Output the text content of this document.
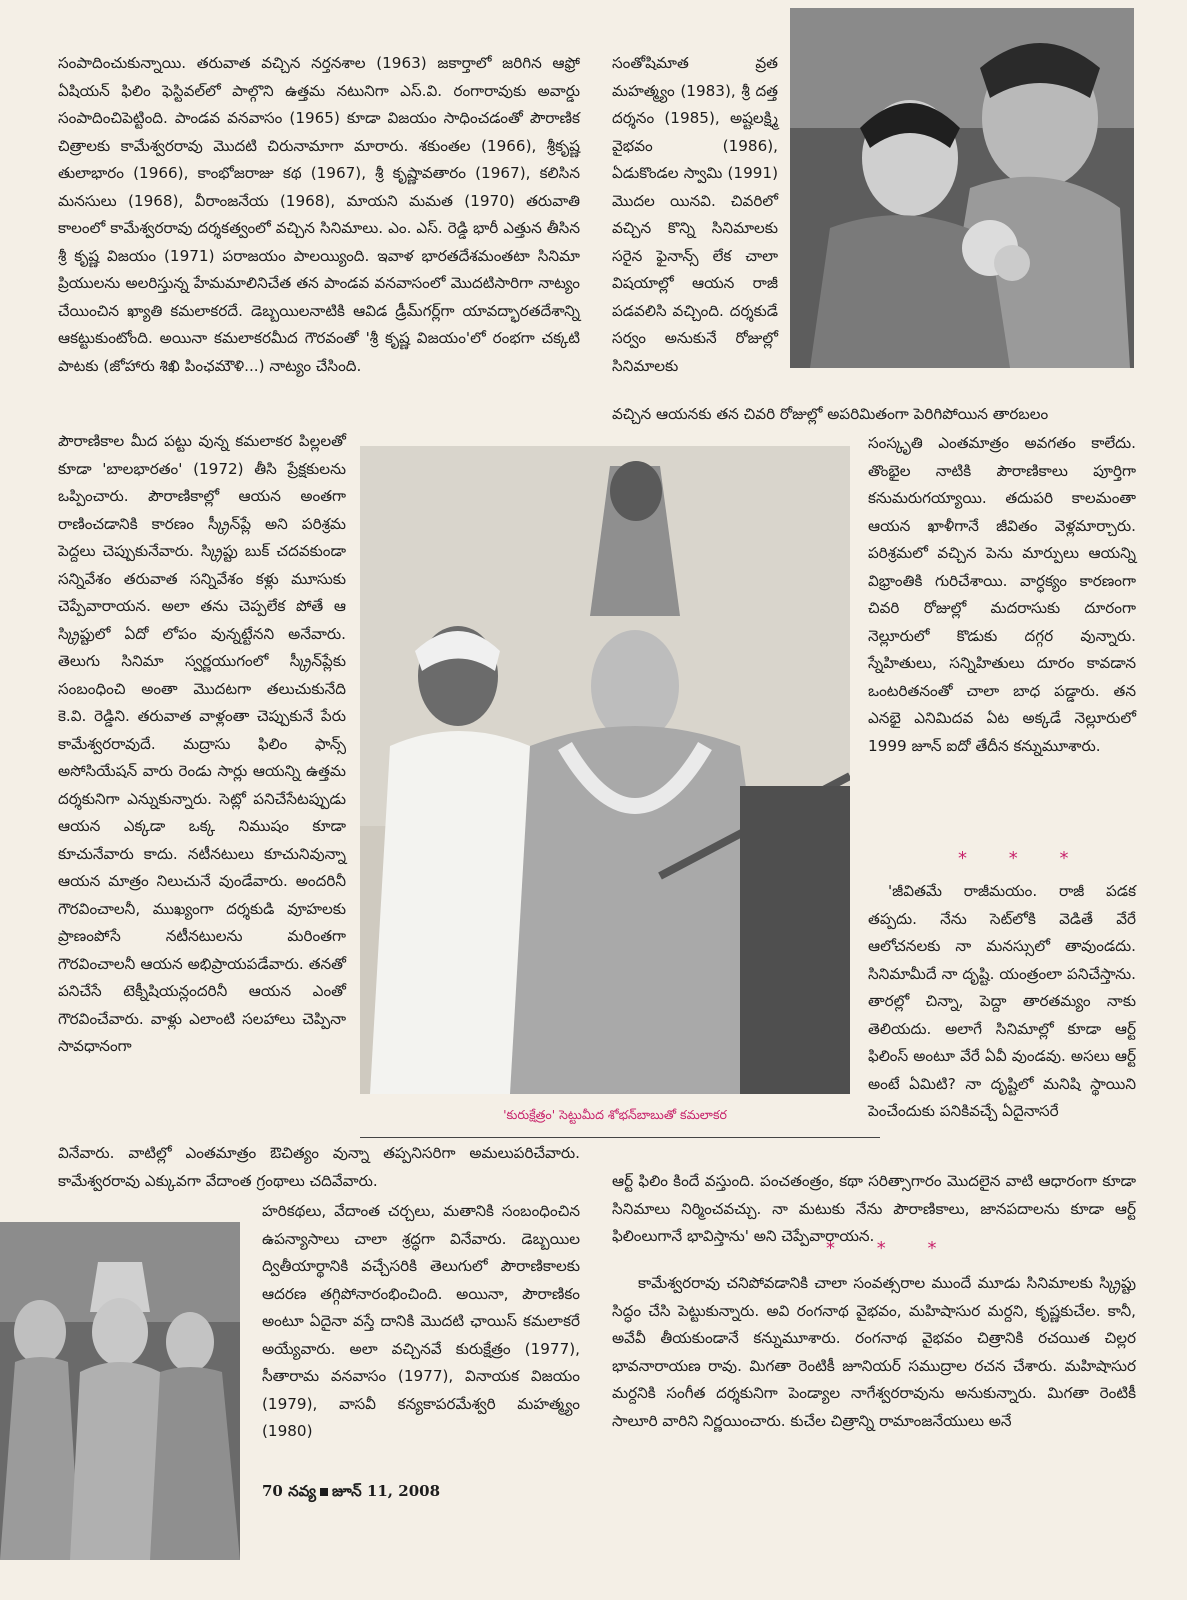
సంపాదించుకున్నాయి. తరువాత వచ్చిన నర్తనశాల (1963) జకార్తాలో జరిగిన ఆఫ్రో ఏషియన్ ఫిలిం ఫెస్టివల్‌లో పాల్గొని ఉత్తమ నటునిగా ఎస్.వి. రంగారావుకు అవార్డు సంపాదించిపెట్టింది. పాండవ వనవాసం (1965) కూడా విజయం సాధించడంతో పౌరాణిక చిత్రాలకు కామేశ్వరరావు మొదటి చిరునామాగా మారారు. శకుంతల (1966), శ్రీకృష్ణ తులాభారం (1966), కాంభోజరాజు కథ (1967), శ్రీ కృష్ణావతారం (1967), కలిసిన మనసులు (1968), వీరాంజనేయ (1968), మాయని మమత (1970) తరువాతి కాలంలో కామేశ్వరరావు దర్శకత్వంలో వచ్చిన సినిమాలు. ఎం. ఎస్. రెడ్డి భారీ ఎత్తున తీసిన శ్రీ కృష్ణ విజయం (1971) పరాజయం పాలయ్యింది. ఇవాళ భారతదేశమంతటా సినిమా ప్రియులను అలరిస్తున్న హేమమాలినిచేత తన పాండవ వనవాసంలో మొదటిసారిగా నాట్యం చేయించిన ఖ్యాతి కమలాకరదే. డెబ్బయిలనాటికి ఆవిడ డ్రీమ్‌గర్ల్‌గా యావద్భారతదేశాన్ని ఆకట్టుకుంటోంది. అయినా కమలాకరమీద గౌరవంతో 'శ్రీ కృష్ణ విజయం'లో రంభగా చక్కటి పాటకు (జోహారు శిఖి పింఛమౌళి...) నాట్యం చేసింది.

పౌరాణికాల మీద పట్టు వున్న కమలాకర పిల్లలతో కూడా 'బాలభారతం' (1972) తీసి ప్రేక్షకులను ఒప్పించారు. పౌరాణికాల్లో ఆయన అంతగా రాణించడానికి కారణం స్క్రీన్‌ప్లే అని పరిశ్రమ పెద్దలు చెప్పుకునేవారు. స్క్రిప్టు బుక్ చదవకుండా సన్నివేశం తరువాత సన్నివేశం కళ్లు మూసుకు చెప్పేవారాయన. అలా తను చెప్పలేక పోతే ఆ స్క్రిప్టులో ఏదో లోపం వున్నట్టేనని అనేవారు. తెలుగు సినిమా స్వర్ణయుగంలో స్క్రీన్‌ప్లేకు సంబంధించి అంతా మొదటగా తలుచుకునేది కె.వి. రెడ్డిని. తరువాత వాళ్లంతా చెప్పుకునే పేరు కామేశ్వరరావుదే. మద్రాసు ఫిలిం ఫాన్స్ అసోసియేషన్ వారు రెండు సార్లు ఆయన్ని ఉత్తమ దర్శకునిగా ఎన్నుకున్నారు. సెట్లో పనిచేసేటప్పుడు ఆయన ఎక్కడా ఒక్క నిముషం కూడా కూచునేవారు కాదు. నటీనటులు కూచునివున్నా ఆయన మాత్రం నిలుచునే వుండేవారు. అందరినీ గౌరవించాలనీ, ముఖ్యంగా దర్శకుడి వూహలకు ప్రాణంపోసే నటీనటులను మరింతగా గౌరవించాలనీ ఆయన అభిప్రాయపడేవారు. తనతో పనిచేసే టెక్నీషియన్లందరినీ ఆయన ఎంతో గౌరవించేవారు. వాళ్లు ఎలాంటి సలహాలు చెప్పినా సావధానంగా

వినేవారు. వాటిల్లో ఎంతమాత్రం ఔచిత్యం వున్నా తప్పనిసరిగా అమలుపరిచేవారు. కామేశ్వరరావు ఎక్కువగా వేదాంత గ్రంథాలు చదివేవారు.

హరికథలు, వేదాంత చర్చలు, మతానికి సంబంధించిన ఉపన్యాసాలు చాలా శ్రద్ధగా వినేవారు. డెబ్బయిల ద్వితీయార్థానికి వచ్చేసరికి తెలుగులో పౌరాణికాలకు ఆదరణ తగ్గిపోనారంభించింది. అయినా, పౌరాణికం అంటూ ఏదైనా వస్తే దానికి మొదటి ఛాయిస్ కమలాకరే అయ్యేవారు. అలా వచ్చినవే కురుక్షేత్రం (1977), సీతారామ వనవాసం (1977), వినాయక విజయం (1979), వాసవీ కన్యకాపరమేశ్వరి మహత్మ్యం (1980)

సంతోషిమాత వ్రత మహత్మ్యం (1983), శ్రీ దత్త దర్శనం (1985), అష్టలక్ష్మి వైభవం (1986), ఏడుకొండల స్వామి (1991) మొదల యినవి. చివరిలో వచ్చిన కొన్ని సినిమాలకు సరైన ఫైనాన్స్ లేక చాలా విషయాల్లో ఆయన రాజీ పడవలిసి వచ్చింది. దర్శకుడే సర్వం అనుకునే రోజుల్లో సినిమాలకు

వచ్చిన ఆయనకు తన చివరి రోజుల్లో అపరిమితంగా పెరిగిపోయిన తారబలం

సంస్కృతి ఎంతమాత్రం అవగతం కాలేదు. తొంభైల నాటికి పౌరాణికాలు పూర్తిగా కనుమరుగయ్యాయి. తదుపరి కాలమంతా ఆయన ఖాళీగానే జీవితం వెళ్లమార్చారు. పరిశ్రమలో వచ్చిన పెను మార్పులు ఆయన్ని విభ్రాంతికి గురిచేశాయి. వార్ధక్యం కారణంగా చివరి రోజుల్లో మదరాసుకు దూరంగా నెల్లూరులో కొడుకు దగ్గర వున్నారు. స్నేహితులు, సన్నిహితులు దూరం కావడాన ఒంటరితనంతో చాలా బాధ పడ్డారు. తన ఎనభై ఎనిమిదవ ఏట అక్కడే నెల్లూరులో 1999 జూన్ ఐదో తేదీన కన్నుమూశారు.

* * *

'జీవితమే రాజీమయం. రాజీ పడక తప్పదు. నేను సెట్‌లోకి వెడితే వేరే ఆలోచనలకు నా మనస్సులో తావుండదు. సినిమామీదే నా దృష్టి. యంత్రంలా పనిచేస్తాను. తారల్లో చిన్నా, పెద్దా తారతమ్యం నాకు తెలియదు. అలాగే సినిమాల్లో కూడా ఆర్ట్ ఫిలింస్ అంటూ వేరే ఏవీ వుండవు. అసలు ఆర్ట్ అంటే ఏమిటి? నా దృష్టిలో మనిషి స్థాయిని పెంచేందుకు పనికివచ్చే ఏదైనాసరే

ఆర్ట్ ఫిలిం కిందే వస్తుంది. పంచతంత్రం, కథా సరిత్సాగారం మొదలైన వాటి ఆధారంగా కూడా సినిమాలు నిర్మించవచ్చు. నా మటుకు నేను పౌరాణికాలు, జానపదాలను కూడా ఆర్ట్ ఫిలింలుగానే భావిస్తాను' అని చెప్పేవారాయన.

* * *

కామేశ్వరరావు చనిపోవడానికి చాలా సంవత్సరాల ముందే మూడు సినిమాలకు స్క్రిప్టు సిద్ధం చేసి పెట్టుకున్నారు. అవి రంగనాథ వైభవం, మహిషాసుర మర్దని, కృష్ణకుచేల. కానీ, అవేవీ తీయకుండానే కన్నుమూశారు. రంగనాథ వైభవం చిత్రానికి రచయిత చిల్లర భావనారాయణ రావు. మిగతా రెంటికీ జూనియర్ సముద్రాల రచన చేశారు. మహిషాసుర మర్దనికి సంగీత దర్శకునిగా పెండ్యాల నాగేశ్వరరావును అనుకున్నారు. మిగతా రెంటికీ సాలూరి వారిని నిర్ణయించారు. కుచేల చిత్రాన్ని రామాంజనేయులు అనే

'కురుక్షేత్రం' సెట్టుమీద శోభన్‌బాబుతో కమలాకర
70 నవ్య జూన్ 11, 2008
